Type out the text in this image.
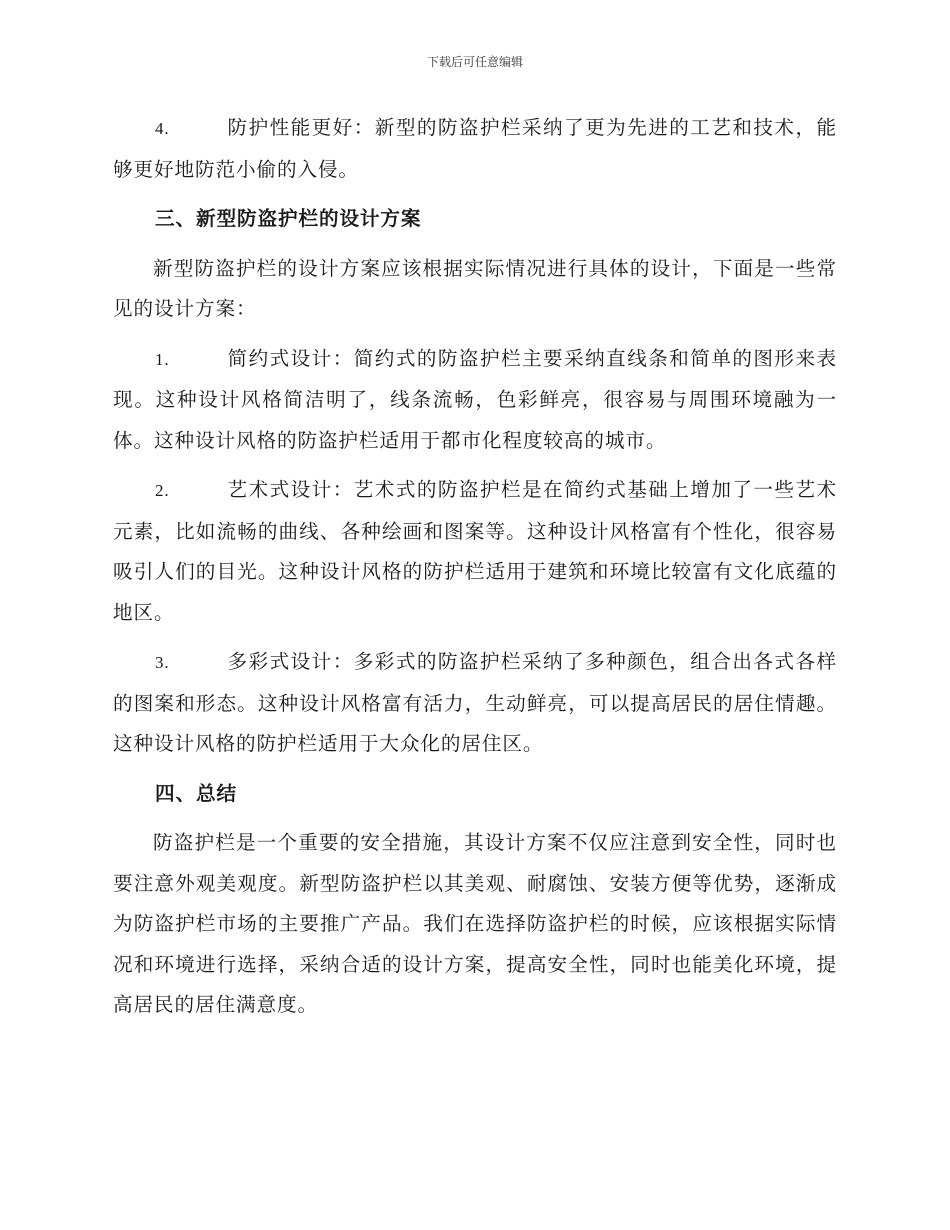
下载后可任意编辑

4.	防护性能更好：新型的防盗护栏采纳了更为先进的工艺和技术，能够更好地防范小偷的入侵。

三、新型防盗护栏的设计方案

新型防盗护栏的设计方案应该根据实际情况进行具体的设计，下面是一些常见的设计方案：

1.	简约式设计：简约式的防盗护栏主要采纳直线条和简单的图形来表现。这种设计风格简洁明了，线条流畅，色彩鲜亮，很容易与周围环境融为一体。这种设计风格的防盗护栏适用于都市化程度较高的城市。

2.	艺术式设计：艺术式的防盗护栏是在简约式基础上增加了一些艺术元素，比如流畅的曲线、各种绘画和图案等。这种设计风格富有个性化，很容易吸引人们的目光。这种设计风格的防护栏适用于建筑和环境比较富有文化底蕴的地区。

3.	多彩式设计：多彩式的防盗护栏采纳了多种颜色，组合出各式各样的图案和形态。这种设计风格富有活力，生动鲜亮，可以提高居民的居住情趣。这种设计风格的防护栏适用于大众化的居住区。

四、总结

防盗护栏是一个重要的安全措施，其设计方案不仅应注意到安全性，同时也要注意外观美观度。新型防盗护栏以其美观、耐腐蚀、安装方便等优势，逐渐成为防盗护栏市场的主要推广产品。我们在选择防盗护栏的时候，应该根据实际情况和环境进行选择，采纳合适的设计方案，提高安全性，同时也能美化环境，提高居民的居住满意度。
